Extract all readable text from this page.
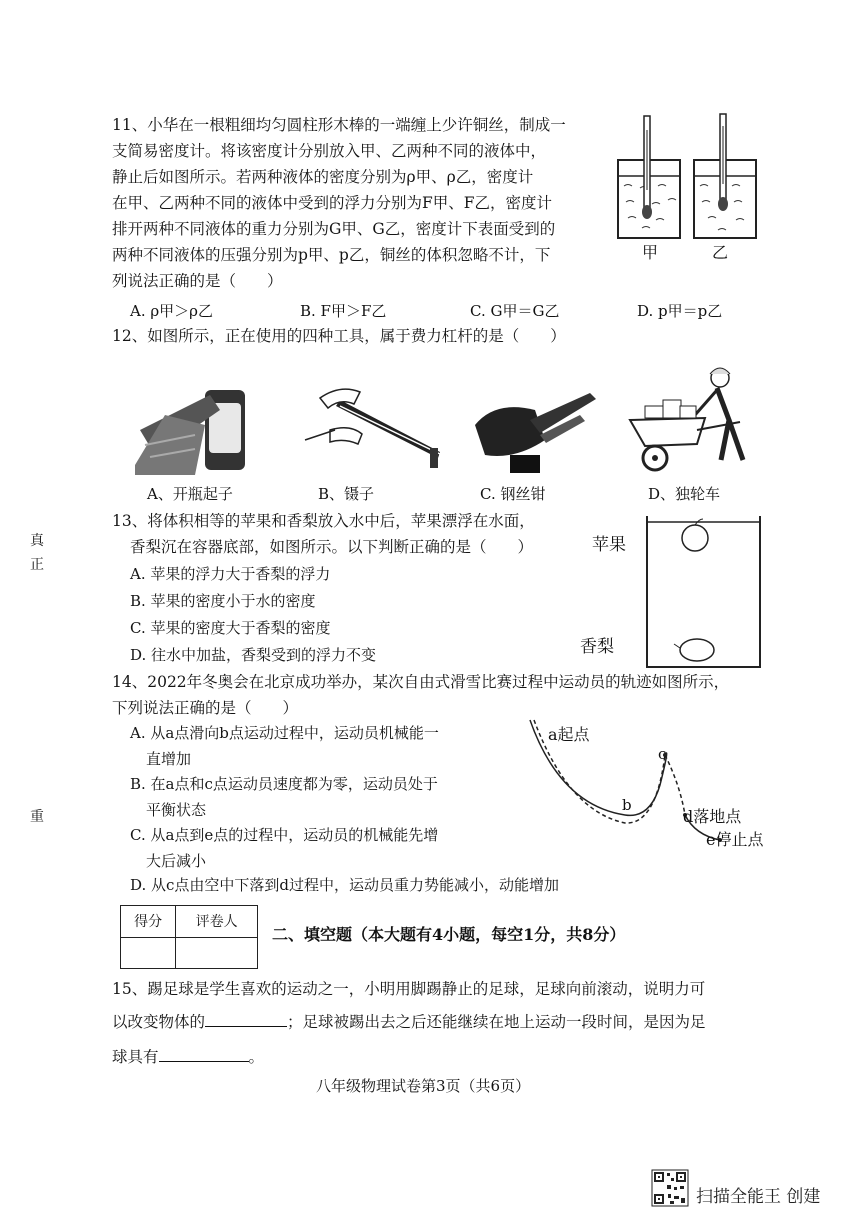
真
正
重
11、小华在一根粗细均匀圆柱形木棒的一端缠上少许铜丝，制成一
支简易密度计。将该密度计分别放入甲、乙两种不同的液体中，
静止后如图所示。若两种液体的密度分别为ρ甲、ρ乙，密度计
在甲、乙两种不同的液体中受到的浮力分别为F甲、F乙，密度计
排开两种不同液体的重力分别为G甲、G乙，密度计下表面受到的
两种不同液体的压强分别为p甲、p乙，铜丝的体积忽略不计，下
列说法正确的是（　　）
A. ρ甲＞ρ乙	B. F甲＞F乙	C. G甲＝G乙	D. p甲＝p乙
甲	乙
12、如图所示，正在使用的四种工具，属于费力杠杆的是（　　）
A、开瓶起子	B、镊子	C. 钢丝钳	D、独轮车
13、将体积相等的苹果和香梨放入水中后，苹果漂浮在水面，
香梨沉在容器底部，如图所示。以下判断正确的是（　　）
A. 苹果的浮力大于香梨的浮力
B. 苹果的密度小于水的密度
C. 苹果的密度大于香梨的密度
D. 往水中加盐，香梨受到的浮力不变
苹果
香梨
14、2022年冬奥会在北京成功举办，某次自由式滑雪比赛过程中运动员的轨迹如图所示，
下列说法正确的是（　　）
A. 从a点滑向b点运动过程中，运动员机械能一
直增加
B. 在a点和c点运动员速度都为零，运动员处于
平衡状态
C. 从a点到e点的过程中，运动员的机械能先增
大后减小
D. 从c点由空中下落到d过程中，运动员重力势能减小，动能增加
a起点
b
c
d落地点
e停止点
得分	评卷人

二、填空题（本大题有4小题，每空1分，共8分）
15、踢足球是学生喜欢的运动之一，小明用脚踢静止的足球，足球向前滚动，说明力可
以改变物体的	；足球被踢出去之后还能继续在地上运动一段时间，是因为足
球具有	。
八年级物理试卷第3页（共6页）
扫描全能王 创建
